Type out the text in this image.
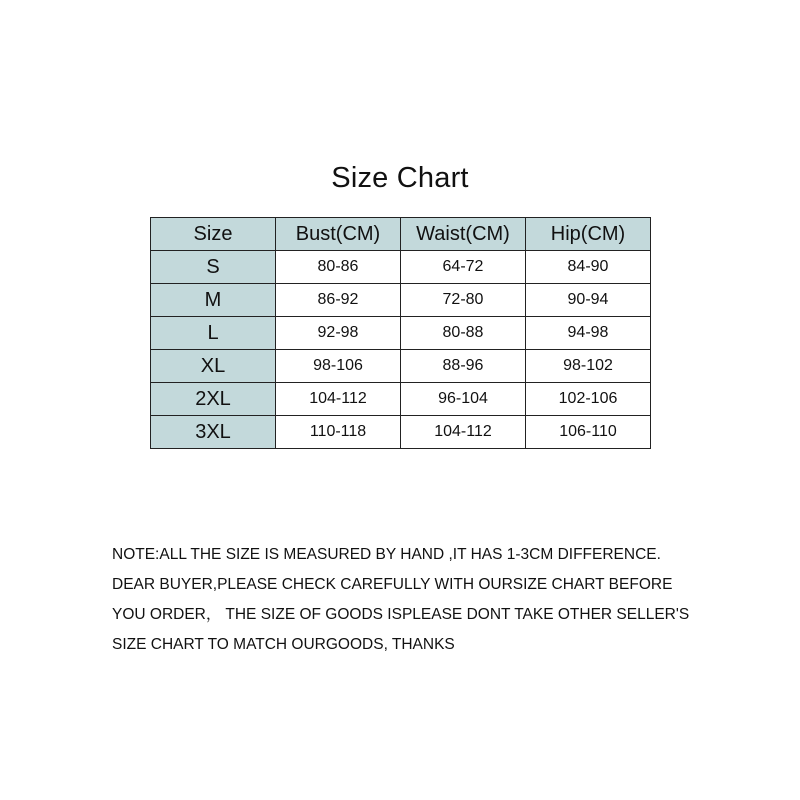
Size Chart
Size	Bust(CM)	Waist(CM)	Hip(CM)
S	80-86	64-72	84-90
M	86-92	72-80	90-94
L	92-98	80-88	94-98
XL	98-106	88-96	98-102
2XL	104-112	96-104	102-106
3XL	110-118	104-112	106-110
NOTE:ALL THE SIZE IS MEASURED BY HAND ,IT HAS 1-3CM DIFFERENCE.
DEAR BUYER,PLEASE CHECK CAREFULLY WITH OURSIZE CHART BEFORE
YOU ORDER， THE SIZE OF GOODS ISPLEASE DONT TAKE OTHER SELLER'S
SIZE CHART TO MATCH OURGOODS, THANKS
